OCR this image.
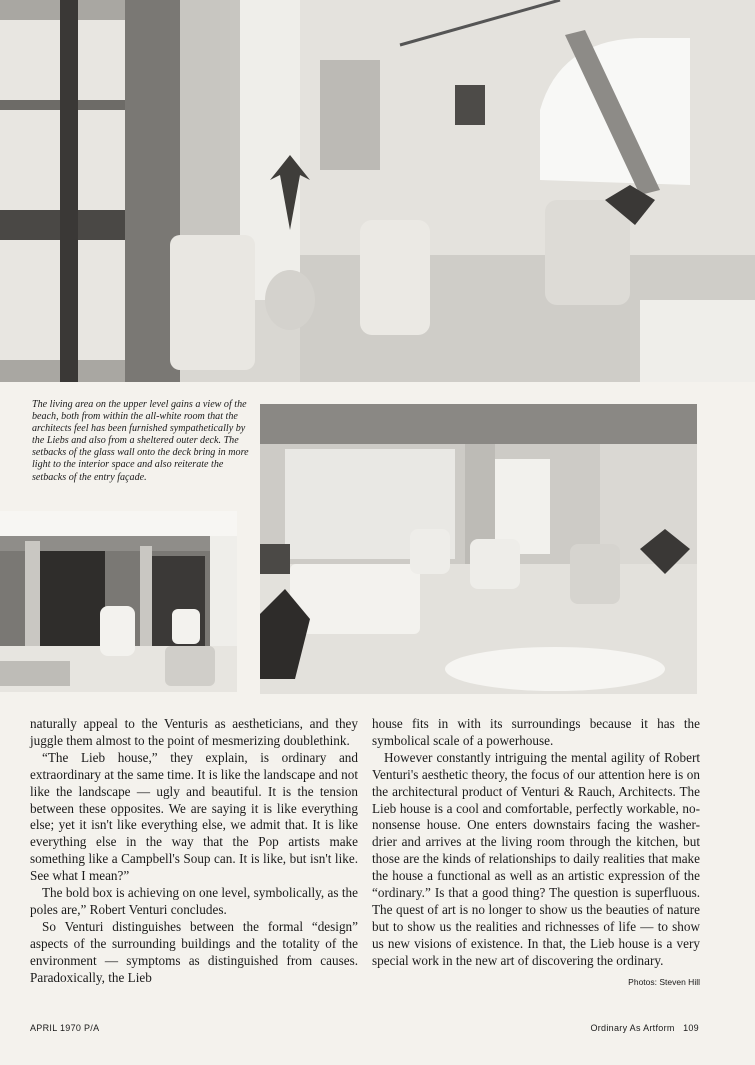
The living area on the upper level gains a view of the beach, both from within the all-white room that the architects feel has been furnished sympathetically by the Liebs and also from a sheltered outer deck. The setbacks of the glass wall onto the deck bring in more light to the interior space and also reiterate the setbacks of the entry façade.

naturally appeal to the Venturis as aestheticians, and they juggle them almost to the point of mesmerizing doublethink.

“The Lieb house,” they explain, is ordinary and extraordinary at the same time. It is like the landscape and not like the landscape — ugly and beautiful. It is the tension between these opposites. We are saying it is like everything else; yet it isn't like everything else, we admit that. It is like everything else in the way that the Pop artists make something like a Campbell's Soup can. It is like, but isn't like. See what I mean?”

The bold box is achieving on one level, symbolically, as the poles are,” Robert Venturi concludes.

So Venturi distinguishes between the formal “design” aspects of the surrounding buildings and the totality of the environment — symptoms as distinguished from causes. Paradoxically, the Lieb

house fits in with its surroundings because it has the symbolical scale of a powerhouse.

However constantly intriguing the mental agility of Robert Venturi's aesthetic theory, the focus of our attention here is on the architectural product of Venturi & Rauch, Architects. The Lieb house is a cool and comfortable, perfectly workable, no-nonsense house. One enters downstairs facing the washer-drier and arrives at the living room through the kitchen, but those are the kinds of relationships to daily realities that make the house a functional as well as an artistic expression of the “ordinary.” Is that a good thing? The question is superfluous. The quest of art is no longer to show us the beauties of nature but to show us the realities and richnesses of life — to show us new visions of existence. In that, the Lieb house is a very special work in the new art of discovering the ordinary.

Photos: Steven Hill
APRIL 1970 P/A	Ordinary As Artform   109
